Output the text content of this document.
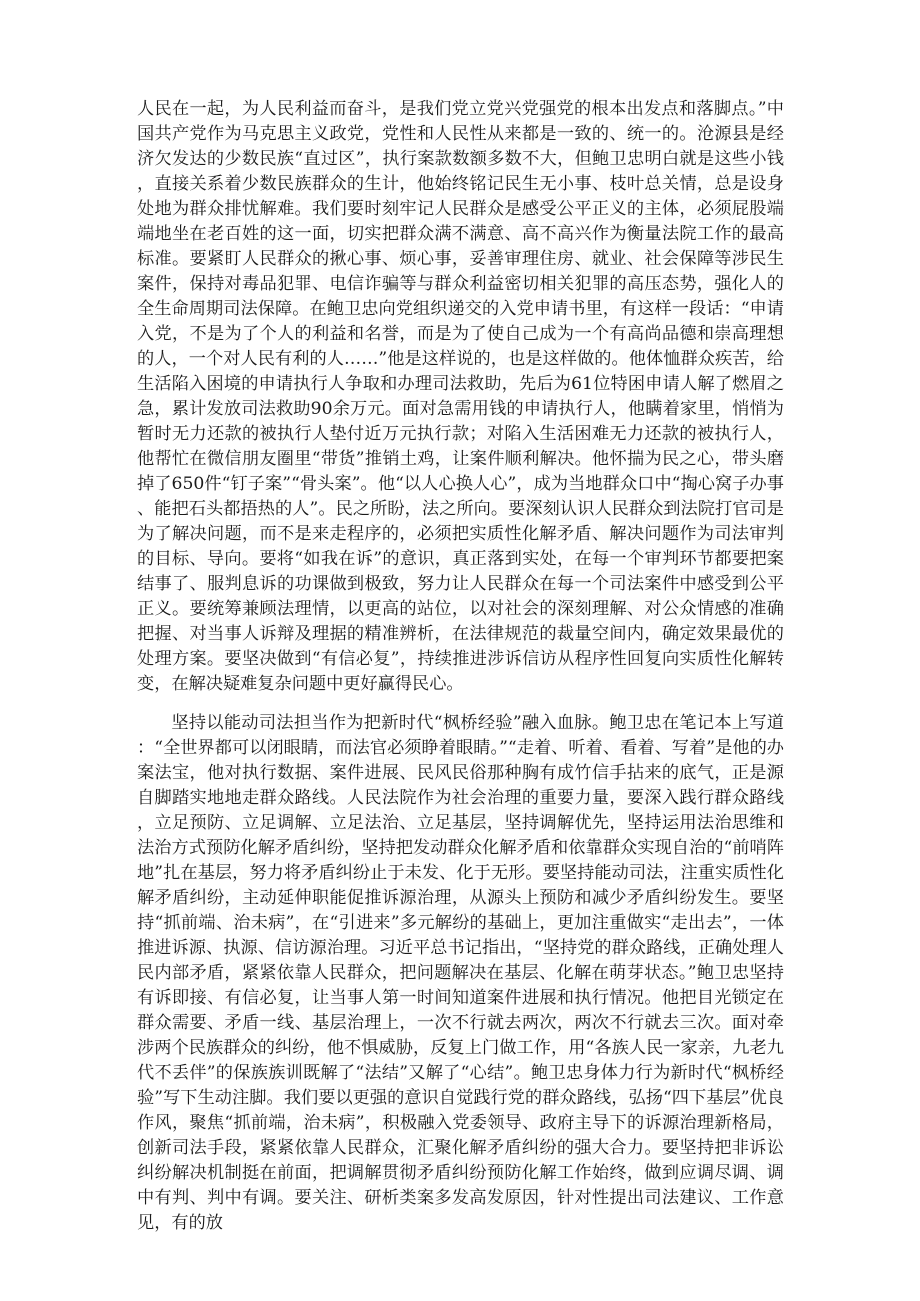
人民在一起，为人民利益而奋斗，是我们党立党兴党强党的根本出发点和落脚点。”中国共产党作为马克思主义政党，党性和人民性从来都是一致的、统一的。沧源县是经济欠发达的少数民族“直过区”，执行案款数额多数不大，但鲍卫忠明白就是这些小钱，直接关系着少数民族群众的生计，他始终铭记民生无小事、枝叶总关情，总是设身处地为群众排忧解难。我们要时刻牢记人民群众是感受公平正义的主体，必须屁股端端地坐在老百姓的这一面，切实把群众满不满意、高不高兴作为衡量法院工作的最高标准。要紧盯人民群众的揪心事、烦心事，妥善审理住房、就业、社会保障等涉民生案件，保持对毒品犯罪、电信诈骗等与群众利益密切相关犯罪的高压态势，强化人的全生命周期司法保障。在鲍卫忠向党组织递交的入党申请书里，有这样一段话：“申请入党，不是为了个人的利益和名誉，而是为了使自己成为一个有高尚品德和崇高理想的人，一个对人民有利的人……”他是这样说的，也是这样做的。他体恤群众疾苦，给生活陷入困境的申请执行人争取和办理司法救助，先后为61位特困申请人解了燃眉之急，累计发放司法救助90余万元。面对急需用钱的申请执行人，他瞒着家里，悄悄为暂时无力还款的被执行人垫付近万元执行款；对陷入生活困难无力还款的被执行人，他帮忙在微信朋友圈里“带货”推销土鸡，让案件顺利解决。他怀揣为民之心，带头磨掉了650件“钉子案”“骨头案”。他“以人心换人心”，成为当地群众口中“掏心窝子办事、能把石头都捂热的人”。民之所盼，法之所向。要深刻认识人民群众到法院打官司是为了解决问题，而不是来走程序的，必须把实质性化解矛盾、解决问题作为司法审判的目标、导向。要将“如我在诉”的意识，真正落到实处，在每一个审判环节都要把案结事了、服判息诉的功课做到极致，努力让人民群众在每一个司法案件中感受到公平正义。要统筹兼顾法理情，以更高的站位，以对社会的深刻理解、对公众情感的准确把握、对当事人诉辩及理据的精准辨析，在法律规范的裁量空间内，确定效果最优的处理方案。要坚决做到“有信必复”，持续推进涉诉信访从程序性回复向实质性化解转变，在解决疑难复杂问题中更好赢得民心。

坚持以能动司法担当作为把新时代“枫桥经验”融入血脉。鲍卫忠在笔记本上写道：“全世界都可以闭眼睛，而法官必须睁着眼睛。”“走着、听着、看着、写着”是他的办案法宝，他对执行数据、案件进展、民风民俗那种胸有成竹信手拈来的底气，正是源自脚踏实地地走群众路线。人民法院作为社会治理的重要力量，要深入践行群众路线，立足预防、立足调解、立足法治、立足基层，坚持调解优先，坚持运用法治思维和法治方式预防化解矛盾纠纷，坚持把发动群众化解矛盾和依靠群众实现自治的“前哨阵地”扎在基层，努力将矛盾纠纷止于未发、化于无形。要坚持能动司法，注重实质性化解矛盾纠纷，主动延伸职能促推诉源治理，从源头上预防和减少矛盾纠纷发生。要坚持“抓前端、治未病”，在“引进来”多元解纷的基础上，更加注重做实“走出去”，一体推进诉源、执源、信访源治理。习近平总书记指出，“坚持党的群众路线，正确处理人民内部矛盾，紧紧依靠人民群众，把问题解决在基层、化解在萌芽状态。”鲍卫忠坚持有诉即接、有信必复，让当事人第一时间知道案件进展和执行情况。他把目光锁定在群众需要、矛盾一线、基层治理上，一次不行就去两次，两次不行就去三次。面对牵涉两个民族群众的纠纷，他不惧威胁，反复上门做工作，用“各族人民一家亲，九老九代不丢伴”的保族族训既解了“法结”又解了“心结”。鲍卫忠身体力行为新时代“枫桥经验”写下生动注脚。我们要以更强的意识自觉践行党的群众路线，弘扬“四下基层”优良作风，聚焦“抓前端，治未病”，积极融入党委领导、政府主导下的诉源治理新格局，创新司法手段，紧紧依靠人民群众，汇聚化解矛盾纠纷的强大合力。要坚持把非诉讼纠纷解决机制挺在前面，把调解贯彻矛盾纠纷预防化解工作始终，做到应调尽调、调中有判、判中有调。要关注、研析类案多发高发原因，针对性提出司法建议、工作意见，有的放
